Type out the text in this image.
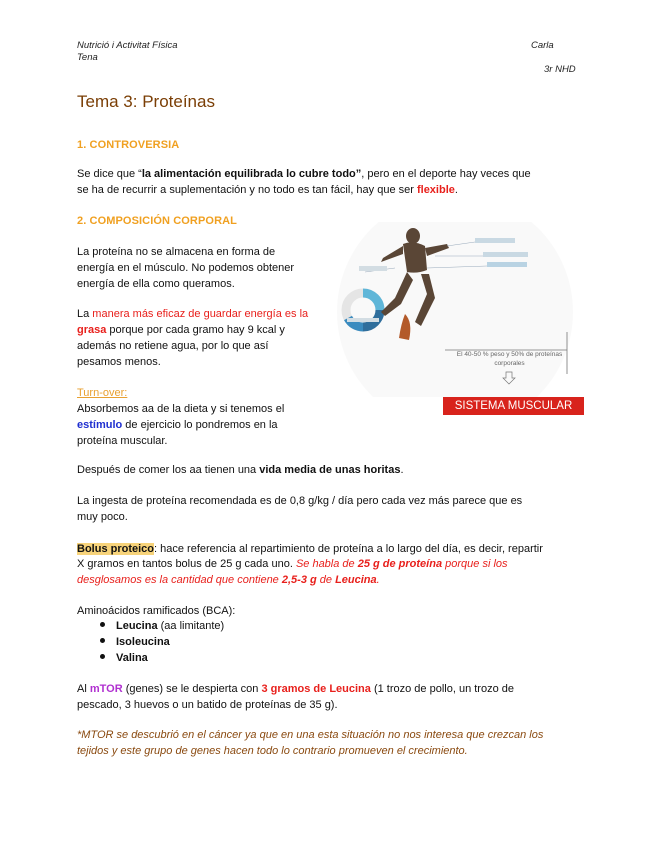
Nutrició i Activitat Física
Tena
Carla
3r NHD
Tema 3: Proteínas
1. CONTROVERSIA
Se dice que “la alimentación equilibrada lo cubre todo”, pero en el deporte hay veces que
se ha de recurrir a suplementación y no todo es tan fácil, hay que ser flexible.
2. COMPOSICIÓN CORPORAL
La proteína no se almacena en forma de
energía en el músculo. No podemos obtener
energía de ella como queramos.
La manera más eficaz de guardar energía es la
grasa porque por cada gramo hay 9 kcal y
además no retiene agua, por lo que así
pesamos menos.
Turn-over:
Absorbemos aa de la dieta y si tenemos el
estímulo de ejercicio lo pondremos en la
proteína muscular.
El 40-50 % peso y 50% de proteínas corporales
SISTEMA MUSCULAR
Después de comer los aa tienen una vida media de unas horitas.
La ingesta de proteína recomendada es de 0,8 g/kg / día pero cada vez más parece que es
muy poco.
Bolus proteico: hace referencia al repartimiento de proteína a lo largo del día, es decir, repartir
X gramos en tantos bolus de 25 g cada uno. Se habla de 25 g de proteína porque si los
desglosamos es la cantidad que contiene 2,5-3 g de Leucina.
Aminoácidos ramificados (BCA):
Leucina (aa limitante)
Isoleucina
Valina
Al mTOR (genes) se le despierta con 3 gramos de Leucina (1 trozo de pollo, un trozo de
pescado, 3 huevos o un batido de proteínas de 35 g).
*MTOR se descubrió en el cáncer ya que en una esta situación no nos interesa que crezcan los
tejidos y este grupo de genes hacen todo lo contrario promueven el crecimiento.
